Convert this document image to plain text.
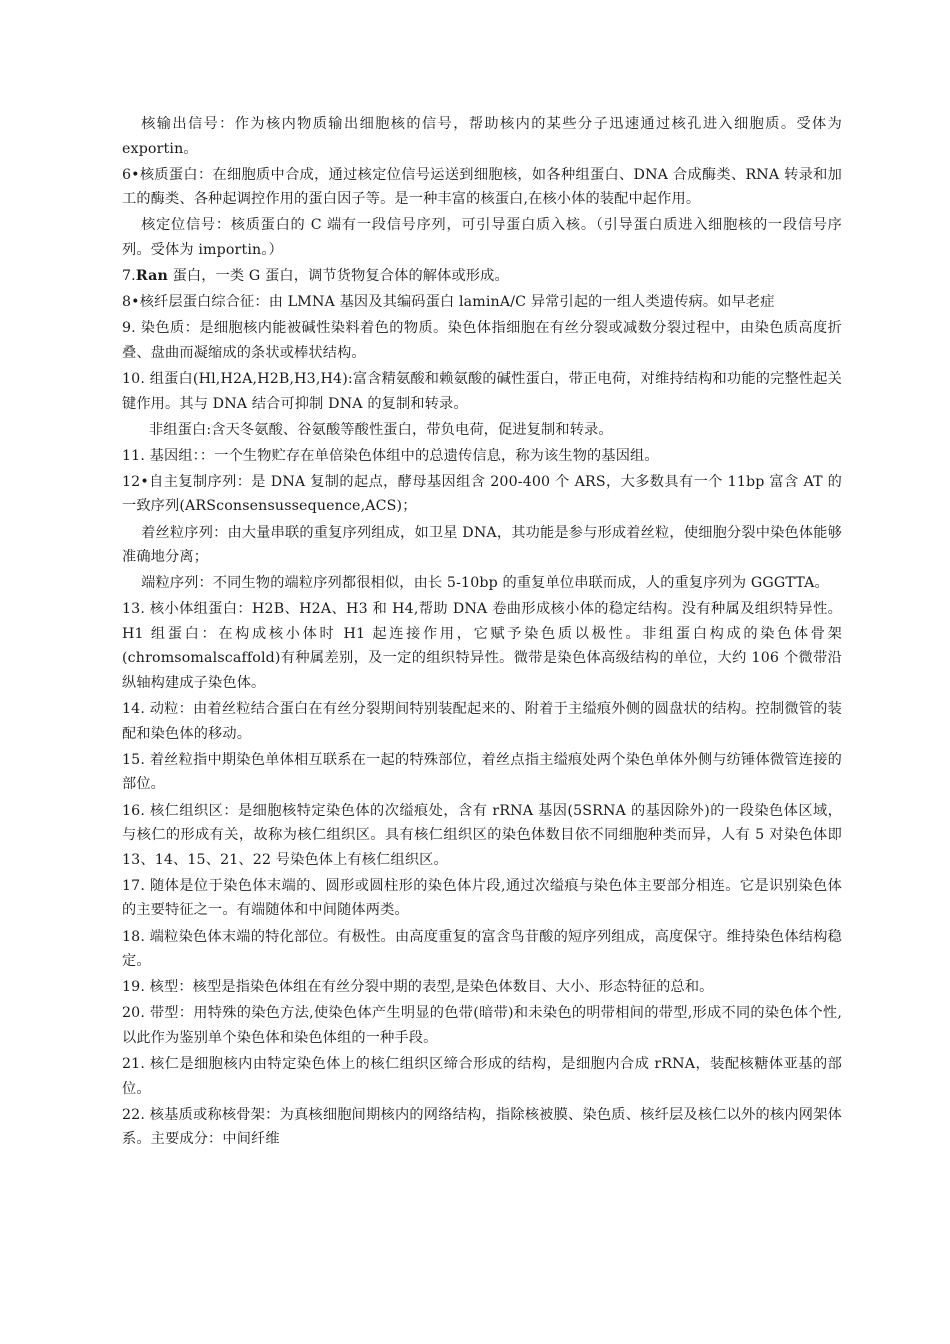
核输出信号：作为核内物质输出细胞核的信号，帮助核内的某些分子迅速通过核孔进入细胞质。受体为 exportin。

6•核质蛋白：在细胞质中合成，通过核定位信号运送到细胞核，如各种组蛋白、DNA 合成酶类、RNA 转录和加工的酶类、各种起调控作用的蛋白因子等。是一种丰富的核蛋白,在核小体的装配中起作用。

核定位信号：核质蛋白的 C 端有一段信号序列，可引导蛋白质入核。（引导蛋白质进入细胞核的一段信号序列。受体为 importin。）

7.Ran 蛋白，一类 G 蛋白，调节货物复合体的解体或形成。

8•核纤层蛋白综合征：由 LMNA 基因及其编码蛋白 laminA/C 异常引起的一组人类遗传病。如早老症

9. 染色质：是细胞核内能被碱性染料着色的物质。染色体指细胞在有丝分裂或减数分裂过程中，由染色质高度折叠、盘曲而凝缩成的条状或棒状结构。

10. 组蛋白(Hl,H2A,H2B,H3,H4):富含精氨酸和赖氨酸的碱性蛋白，带正电荷，对维持结构和功能的完整性起关键作用。其与 DNA 结合可抑制 DNA 的复制和转录。

非组蛋白:含天冬氨酸、谷氨酸等酸性蛋白，带负电荷，促进复制和转录。

11. 基因组：：一个生物贮存在单倍染色体组中的总遗传信息，称为该生物的基因组。

12•自主复制序列：是 DNA 复制的起点，酵母基因组含 200-400 个 ARS，大多数具有一个 11bp 富含 AT 的一致序列(ARSconsensussequence,ACS)；

着丝粒序列：由大量串联的重复序列组成，如卫星 DNA，其功能是参与形成着丝粒，使细胞分裂中染色体能够准确地分离；

端粒序列：不同生物的端粒序列都很相似，由长 5-10bp 的重复单位串联而成，人的重复序列为 GGGTTA。

13. 核小体组蛋白：H2B、H2A、H3 和 H4,帮助 DNA 卷曲形成核小体的稳定结构。没有种属及组织特异性。H1 组蛋白：在构成核小体时 H1 起连接作用，它赋予染色质以极性。非组蛋白构成的染色体骨架(chromsomalscaffold)有种属差别，及一定的组织特异性。微带是染色体高级结构的单位，大约 106 个微带沿纵轴构建成子染色体。

14. 动粒：由着丝粒结合蛋白在有丝分裂期间特别装配起来的、附着于主缢痕外侧的圆盘状的结构。控制微管的装配和染色体的移动。

15. 着丝粒指中期染色单体相互联系在一起的特殊部位，着丝点指主缢痕处两个染色单体外侧与纺锤体微管连接的部位。

16. 核仁组织区：是细胞核特定染色体的次缢痕处，含有 rRNA 基因(5SRNA 的基因除外)的一段染色体区域，与核仁的形成有关，故称为核仁组织区。具有核仁组织区的染色体数目依不同细胞种类而异，人有 5 对染色体即 13、14、15、21、22 号染色体上有核仁组织区。

17. 随体是位于染色体末端的、圆形或圆柱形的染色体片段,通过次缢痕与染色体主要部分相连。它是识别染色体的主要特征之一。有端随体和中间随体两类。

18. 端粒染色体末端的特化部位。有极性。由高度重复的富含鸟苷酸的短序列组成，高度保守。维持染色体结构稳定。

19. 核型：核型是指染色体组在有丝分裂中期的表型,是染色体数目、大小、形态特征的总和。

20. 带型：用特殊的染色方法,使染色体产生明显的色带(暗带)和未染色的明带相间的带型,形成不同的染色体个性,以此作为鉴别单个染色体和染色体组的一种手段。

21. 核仁是细胞核内由特定染色体上的核仁组织区缔合形成的结构，是细胞内合成 rRNA，装配核糖体亚基的部位。

22. 核基质或称核骨架：为真核细胞间期核内的网络结构，指除核被膜、染色质、核纤层及核仁以外的核内网架体系。主要成分：中间纤维
